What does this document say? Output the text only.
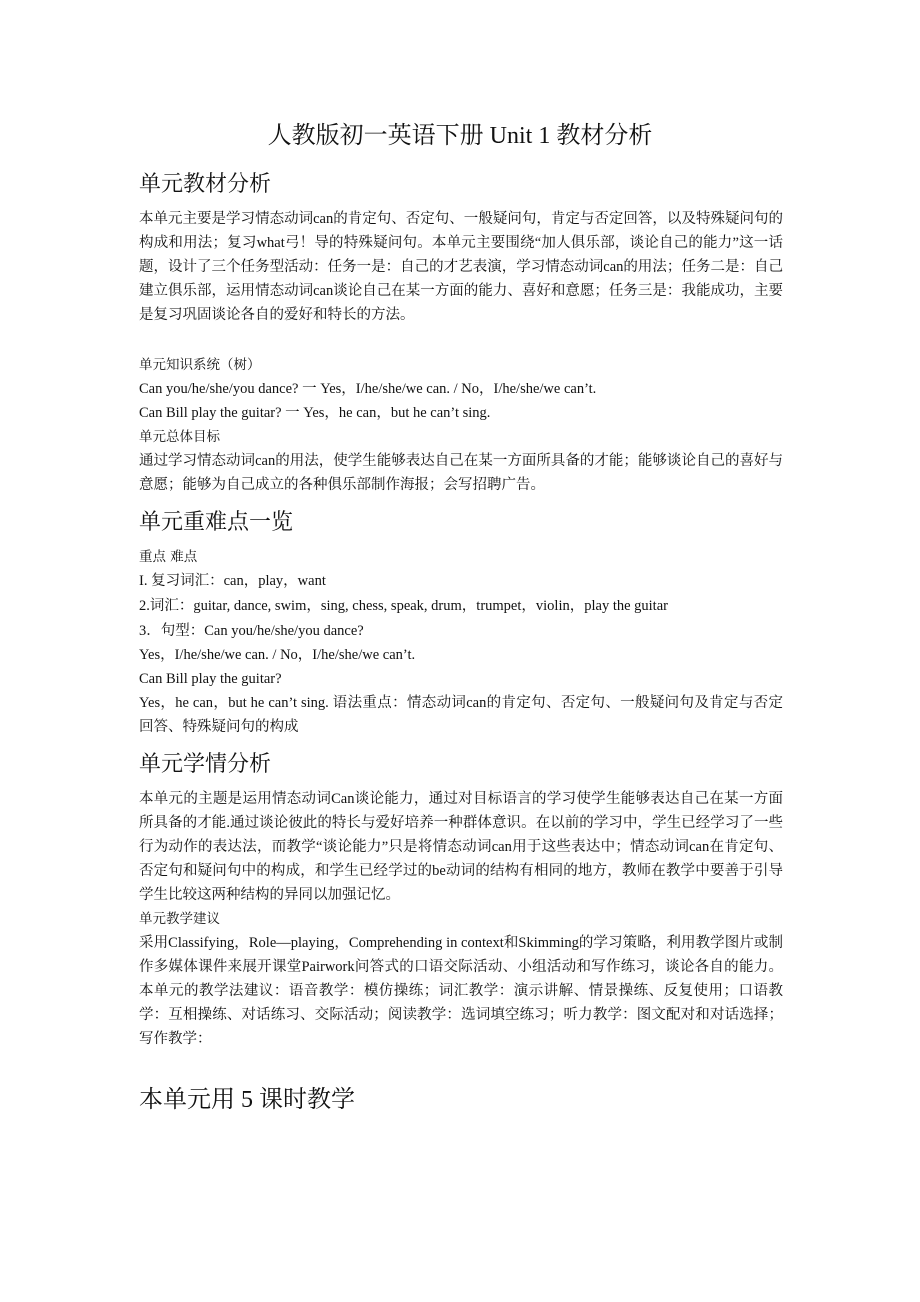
人教版初一英语下册 Unit 1 教材分析
单元教材分析

本单元主要是学习情态动词can的肯定句、否定句、一般疑问句，肯定与否定回答，以及特殊疑问句的构成和用法；复习what弓！导的特殊疑问句。本单元主要围绕“加人俱乐部，谈论自己的能力”这一话题，设计了三个任务型活动：任务一是：自己的才艺表演，学习情态动词can的用法；任务二是：自己建立俱乐部，运用情态动词can谈论自己在某一方面的能力、喜好和意愿；任务三是：我能成功，主要是复习巩固谈论各自的爱好和特长的方法。

单元知识系统（树）

Can you/he/she/you dance? 一 Yes，I/he/she/we can. / No，I/he/she/we can’t.

Can Bill play the guitar? 一 Yes，he can，but he can’t sing.

单元总体目标

通过学习情态动词can的用法，使学生能够表达自己在某一方面所具备的才能；能够谈论自己的喜好与意愿；能够为自己成立的各种俱乐部制作海报；会写招聘广告。

单元重难点一览

重点 难点

I. 复习词汇：can，play，want

2.词汇：guitar, dance, swim，sing, chess, speak, drum，trumpet，violin，play the guitar

3．句型：Can you/he/she/you dance?

Yes，I/he/she/we can. / No，I/he/she/we can’t.

Can Bill play the guitar?

Yes，he can，but he can’t sing. 语法重点：情态动词can的肯定句、否定句、一般疑问句及肯定与否定回答、特殊疑问句的构成

单元学情分析

本单元的主题是运用情态动词Can谈论能力，通过对目标语言的学习使学生能够表达自己在某一方面所具备的才能.通过谈论彼此的特长与爱好培养一种群体意识。在以前的学习中，学生已经学习了一些行为动作的表达法，而教学“谈论能力”只是将情态动词can用于这些表达中；情态动词can在肯定句、否定句和疑问句中的构成，和学生已经学过的be动词的结构有相同的地方，教师在教学中要善于引导学生比较这两种结构的异同以加强记忆。

单元教学建议

采用Classifying，Role—playing，Comprehending in context和Skimming的学习策略，利用教学图片或制作多媒体课件来展开课堂Pairwork问答式的口语交际活动、小组活动和写作练习，谈论各自的能力。本单元的教学法建议：语音教学：模仿操练；词汇教学：演示讲解、情景操练、反复使用；口语教学：互相操练、对话练习、交际活动；阅读教学：选词填空练习；听力教学：图文配对和对话选择；写作教学：

本单元用 5 课时教学
